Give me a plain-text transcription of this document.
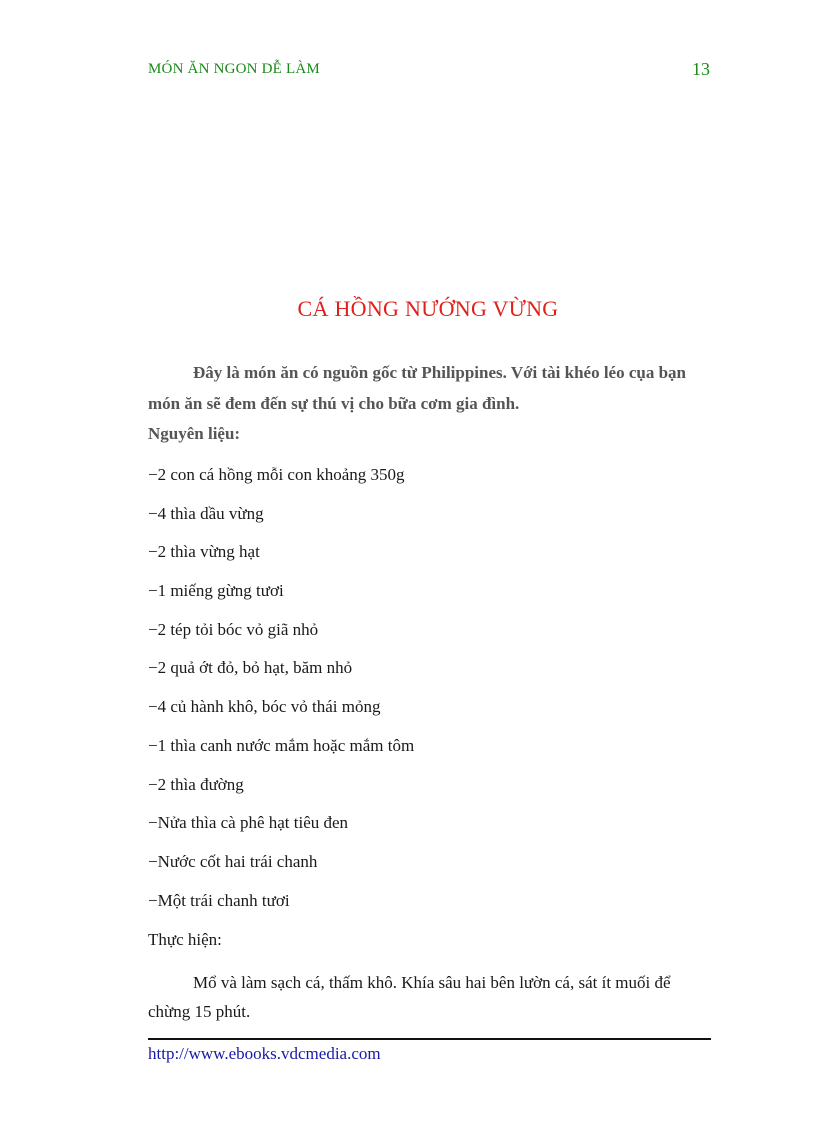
MÓN ĂN NGON DỄ LÀM	13
CÁ HỒNG NƯỚNG VỪNG
Đây là món ăn có nguồn gốc từ Philippines. Với tài khéo léo cụa bạn món ăn sẽ đem đến sự thú vị cho bữa cơm gia đình.
Nguyên liệu:
−2 con cá hồng mỗi con khoảng 350g
−4 thìa dầu vừng
−2 thìa vừng hạt
−1 miếng gừng tươi
−2 tép tỏi bóc vỏ giã nhỏ
−2 quả ớt đỏ, bỏ hạt, băm nhỏ
−4 củ hành khô, bóc vỏ thái mỏng
−1 thìa canh nước mắm hoặc mắm tôm
−2 thìa đường
−Nửa thìa cà phê hạt tiêu đen
−Nước cốt hai trái chanh
−Một trái chanh tươi
Thực hiện:
Mổ và làm sạch cá, thấm khô. Khía sâu hai bên lườn cá, sát ít muối để chừng 15 phút.
http://www.ebooks.vdcmedia.com
